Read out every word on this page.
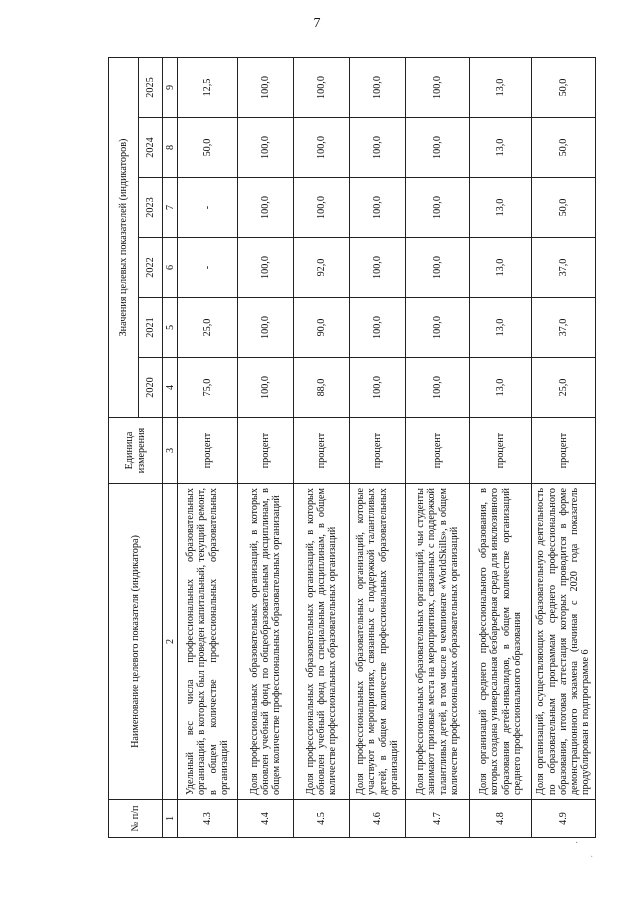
7
№ п/п	Наименование целевого показателя (индикатора)	Единица измерения	Значения целевых показателей (индикаторов)					
			2020	2021	2022	2023	2024	2025
1	2	3	4	5	6	7	8	9
4.3	Удельный вес числа профессиональных образовательных организаций, в которых был проведен капитальный, текущий ремонт, в общем количестве профессиональных образовательных организаций	процент	75,0	25,0	-	-	50,0	12,5
4.4	Доля профессиональных образовательных организаций, в которых обновлен учебный фонд по общеобразовательным дисциплинам, в общем количестве профессиональных образовательных организаций	процент	100,0	100,0	100,0	100,0	100,0	100,0
4.5	Доля профессиональных образовательных организаций, в которых обновлен учебный фонд по специальным дисциплинам, в общем количестве профессиональных образовательных организаций	процент	88,0	90,0	92,0	100,0	100,0	100,0
4.6	Доля профессиональных образовательных организаций, которые участвуют в мероприятиях, связанных с поддержкой талантливых детей, в общем количестве профессиональных образовательных организаций	процент	100,0	100,0	100,0	100,0	100,0	100,0
4.7	Доля профессиональных образовательных организаций, чьи студенты занимают призовые места на мероприятиях, связанных с поддержкой талантливых детей, в том числе в чемпионате «WorldSkills», в общем количестве профессиональных образовательных организаций	процент	100,0	100,0	100,0	100,0	100,0	100,0
4.8	Доля организаций среднего профессионального образования, в которых создана универсальная безбарьерная среда для инклюзивного образования детей-инвалидов, в общем количестве организаций среднего профессионального образования	процент	13,0	13,0	13,0	13,0	13,0	13,0
4.9	Доля организаций, осуществляющих образовательную деятельность по образовательным программам среднего профессионального образования, итоговая аттестация которых проводится в форме демонстрационного экзамена (начиная с 2020 года показатель продублирован в подпрограмме 6	процент	25,0	37,0	37,0	50,0	50,0	50,0
·
·
